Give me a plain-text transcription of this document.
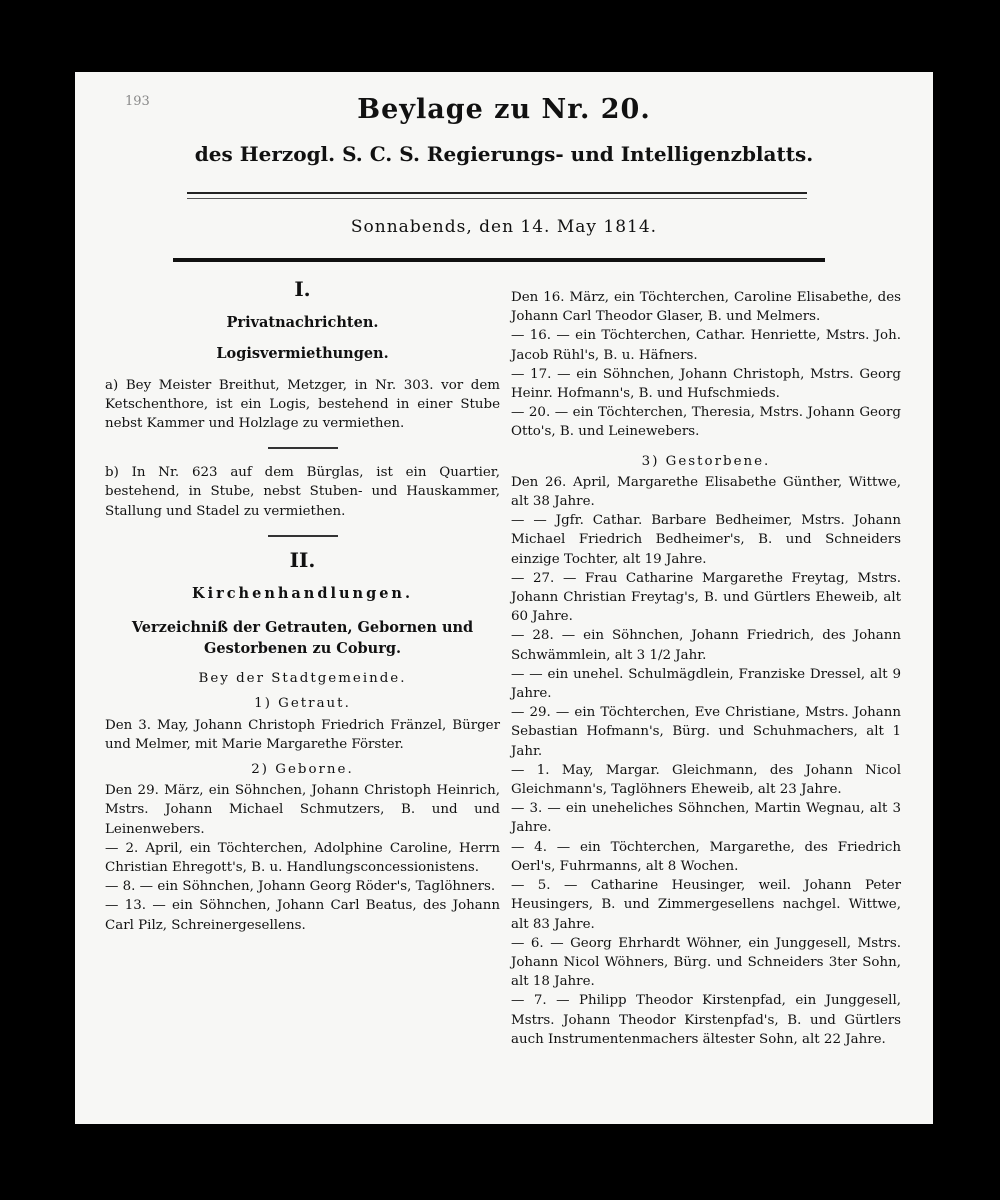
193	Beylage zu Nr. 20.
des Herzogl. S. C. S. Regierungs- und Intelligenzblatts.
Sonnabends, den 14. May 1814.
I.
Privatnachrichten.
Logisvermiethungen.

a) Bey Meister Breithut, Metzger, in Nr. 303. vor dem Ketschenthore, ist ein Logis, bestehend in einer Stube nebst Kammer und Holzlage zu vermiethen.

b) In Nr. 623 auf dem Bürglas, ist ein Quartier, bestehend, in Stube, nebst Stuben- und Hauskammer, Stallung und Stadel zu vermiethen.

II.
Kirchenhandlungen.
Verzeichniß der Getrauten, Gebornen und
Gestorbenen zu Coburg.
Bey der Stadtgemeinde.
1) Getraut.

Den 3. May, Johann Christoph Friedrich Fränzel, Bürger und Melmer, mit Marie Margarethe Förster.

2) Geborne.

Den 29. März, ein Söhnchen, Johann Christoph Heinrich, Mstrs. Johann Michael Schmutzers, B. und und Leinenwebers.

— 2. April, ein Töchterchen, Adolphine Caroline, Herrn Christian Ehregott's, B. u. Handlungsconcessionistens.

— 8. — ein Söhnchen, Johann Georg Röder's, Taglöhners.

— 13. — ein Söhnchen, Johann Carl Beatus, des Johann Carl Pilz, Schreinergesellens.

Den 16. März, ein Töchterchen, Caroline Elisabethe, des Johann Carl Theodor Glaser, B. und Melmers.

— 16. — ein Töchterchen, Cathar. Henriette, Mstrs. Joh. Jacob Rühl's, B. u. Häfners.

— 17. — ein Söhnchen, Johann Christoph, Mstrs. Georg Heinr. Hofmann's, B. und Hufschmieds.

— 20. — ein Töchterchen, Theresia, Mstrs. Johann Georg Otto's, B. und Leinewebers.

3) Gestorbene.

Den 26. April, Margarethe Elisabethe Günther, Wittwe, alt 38 Jahre.

— — Jgfr. Cathar. Barbare Bedheimer, Mstrs. Johann Michael Friedrich Bedheimer's, B. und Schneiders einzige Tochter, alt 19 Jahre.

— 27. — Frau Catharine Margarethe Freytag, Mstrs. Johann Christian Freytag's, B. und Gürtlers Eheweib, alt 60 Jahre.

— 28. — ein Söhnchen, Johann Friedrich, des Johann Schwämmlein, alt 3 1/2 Jahr.

— — ein unehel. Schulmägdlein, Franziske Dressel, alt 9 Jahre.

— 29. — ein Töchterchen, Eve Christiane, Mstrs. Johann Sebastian Hofmann's, Bürg. und Schuhmachers, alt 1 Jahr.

— 1. May, Margar. Gleichmann, des Johann Nicol Gleichmann's, Taglöhners Eheweib, alt 23 Jahre.

— 3. — ein uneheliches Söhnchen, Martin Wegnau, alt 3 Jahre.

— 4. — ein Töchterchen, Margarethe, des Friedrich Oerl's, Fuhrmanns, alt 8 Wochen.

— 5. — Catharine Heusinger, weil. Johann Peter Heusingers, B. und Zimmergesellens nachgel. Wittwe, alt 83 Jahre.

— 6. — Georg Ehrhardt Wöhner, ein Junggesell, Mstrs. Johann Nicol Wöhners, Bürg. und Schneiders 3ter Sohn, alt 18 Jahre.

— 7. — Philipp Theodor Kirstenpfad, ein Junggesell, Mstrs. Johann Theodor Kirstenpfad's, B. und Gürtlers auch Instrumentenmachers ältester Sohn, alt 22 Jahre.
